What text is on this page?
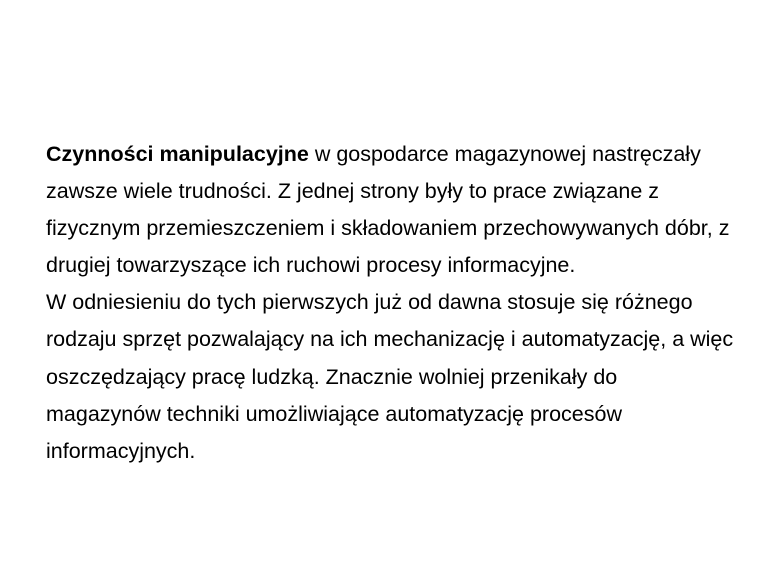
Czynności manipulacyjne w gospodarce magazynowej nastręczały zawsze wiele trudności. Z jednej strony były to prace związane z fizycznym przemieszczeniem i składowaniem przechowywanych dóbr, z drugiej towarzyszące ich ruchowi procesy informacyjne.

W odniesieniu do tych pierwszych już od dawna stosuje się różnego rodzaju sprzęt pozwalający na ich mechanizację i automatyzację, a więc oszczędzający pracę ludzką. Znacznie wolniej przenikały do magazynów techniki umożliwiające automatyzację procesów informacyjnych.
